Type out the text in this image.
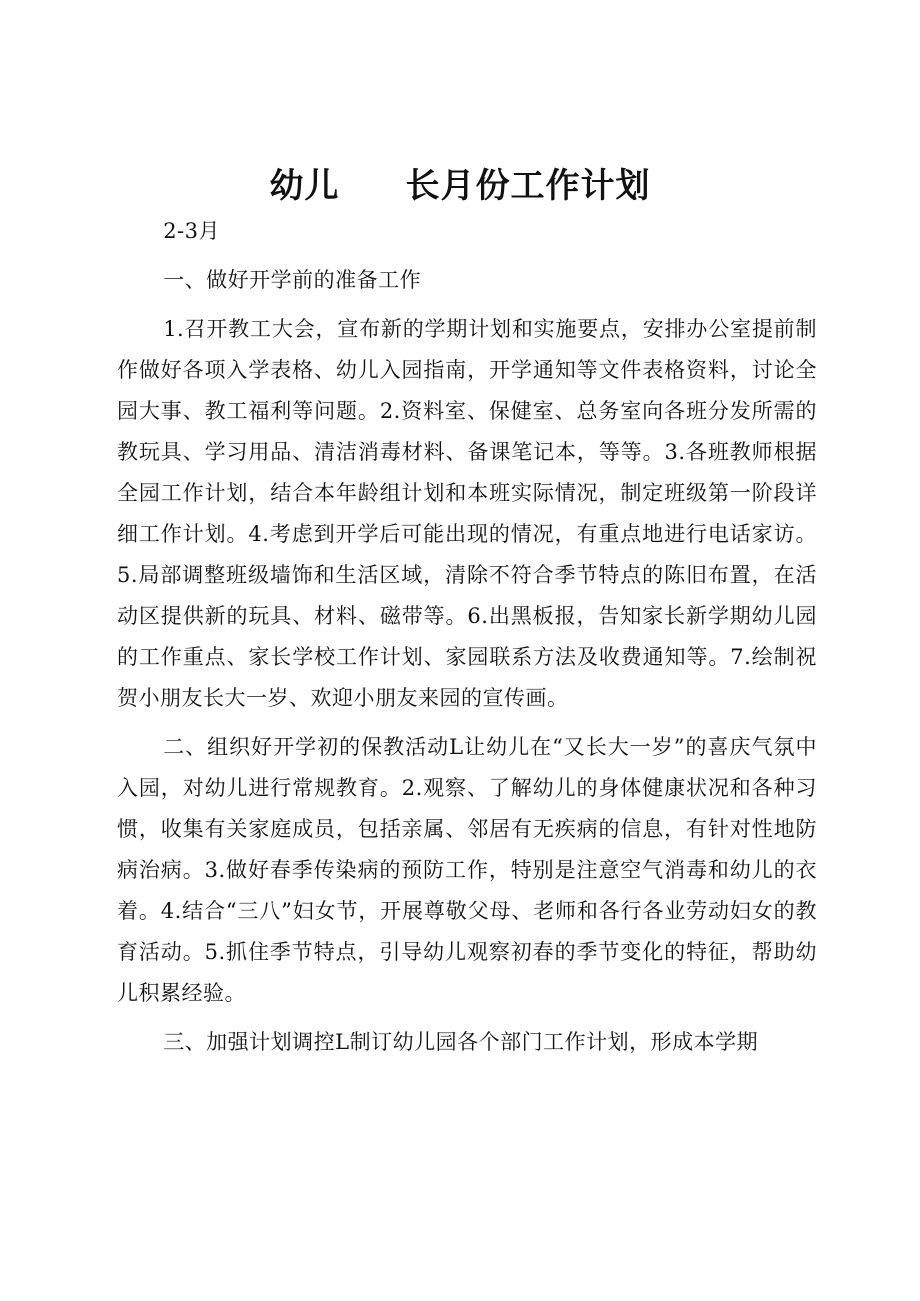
幼儿 长月份工作计划

2-3月

一、做好开学前的准备工作

1.召开教工大会，宣布新的学期计划和实施要点，安排办公室提前制作做好各项入学表格、幼儿入园指南，开学通知等文件表格资料，讨论全园大事、教工福利等问题。2.资料室、保健室、总务室向各班分发所需的教玩具、学习用品、清洁消毒材料、备课笔记本，等等。3.各班教师根据全园工作计划，结合本年龄组计划和本班实际情况，制定班级第一阶段详细工作计划。4.考虑到开学后可能出现的情况，有重点地进行电话家访。5.局部调整班级墙饰和生活区域，清除不符合季节特点的陈旧布置，在活动区提供新的玩具、材料、磁带等。6.出黑板报，告知家长新学期幼儿园的工作重点、家长学校工作计划、家园联系方法及收费通知等。7.绘制祝贺小朋友长大一岁、欢迎小朋友来园的宣传画。

二、组织好开学初的保教活动L让幼儿在“又长大一岁”的喜庆气氛中入园，对幼儿进行常规教育。2.观察、了解幼儿的身体健康状况和各种习惯，收集有关家庭成员，包括亲属、邻居有无疾病的信息，有针对性地防病治病。3.做好春季传染病的预防工作，特别是注意空气消毒和幼儿的衣着。4.结合“三八”妇女节，开展尊敬父母、老师和各行各业劳动妇女的教育活动。5.抓住季节特点，引导幼儿观察初春的季节变化的特征，帮助幼儿积累经验。

三、加强计划调控L制订幼儿园各个部门工作计划，形成本学期
